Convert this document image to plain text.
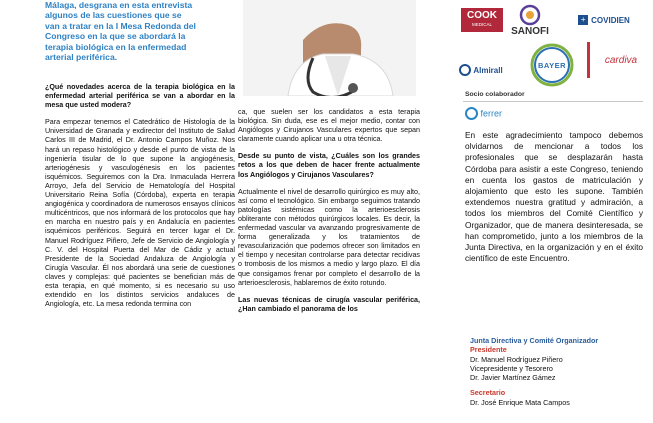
Málaga, desgrana en esta entrevista
algunos de las cuestiones que se
van a tratar en la I Mesa Redonda del
Congreso en la que se abordará la
terapia biológica en la enfermedad
arterial periférica.

¿Qué novedades acerca de la terapia biológica en la enfermedad arterial periférica se van a abordar en la mesa que usted modera?

Para empezar tenemos el Catedrático de Histología de la Universidad de Granada y exdirector del Instituto de Salud Carlos III de Madrid, el Dr. Antonio Campos Muñoz. Nos hará un repaso histológico y desde el punto de vista de la ingeniería tisular de lo que supone la angiogénesis, arteriogénesis y vasculogénesis en los pacientes isquémicos. Seguiremos con la Dra. Inmaculada Herrera Arroyo, Jefa del Servicio de Hematología del Hospital Universitario Reina Sofía (Córdoba), experta en terapia angiogénica y coordinadora de numerosos ensayos clínicos multicéntricos, que nos informará de los protocolos que hay en marcha en nuestro país y en Andalucía en pacientes isquémicos periféricos. Seguirá en tercer lugar el Dr. Manuel Rodríguez Piñero, Jefe de Servicio de Angiología y C. V. del Hospital Puerta del Mar de Cádiz y actual Presidente de la Sociedad Andaluza de Angiología y Cirugía Vascular. Él nos abordará una serie de cuestiones claves y complejas: qué pacientes se benefician más de esta terapia, en qué momento, si es necesario su uso extendido en los distintos servicios andaluces de Angiología, etc. La mesa redonda termina con

ca, que suelen ser los candidatos a esta terapia biológica. Sin duda, ese es el mejor medio, contar con Angiólogos y Cirujanos Vasculares expertos que sepan claramente cuando aplicar una u otra técnica.

Desde su punto de vista, ¿Cuáles son los grandes retos a los que deben de hacer frente actualmente los Angiólogos y Cirujanos Vasculares?

Actualmente el nivel de desarrollo quirúrgico es muy alto, así como el tecnológico. Sin embargo seguimos tratando patologías sistémicas como la arterioesclerosis obliterante con métodos quirúrgicos locales. Es decir, la enfermedad vascular va avanzando progresivamente de forma generalizada y los tratamientos de revascularización que podemos ofrecer son limitados en el tiempo y necesitan controlarse para detectar recidivas o trombosis de los mismos a medio y largo plazo. El día que consigamos frenar por completo el desarrollo de la arterioesclerosis, hablaremos de éxito rotundo.

Las nuevas técnicas de cirugía vascular periférica, ¿Han cambiado el panorama de los

COOK
MEDICAL
SANOFI
+ COVIDIEN
Almirall
BAYER	cardiva
Socio colaborador
ferrer
En este agradecimiento tampoco debemos olvidarnos de mencionar a todos los profesionales que se desplazarán hasta Córdoba para asistir a este Congreso, teniendo en cuenta los gastos de matriculación y alojamiento que esto les supone. También extendemos nuestra gratitud y admiración, a todos los miembros del Comité Científico y Organizador, que de manera desinteresada, se han comprometido, junto a los miembros de la Junta Directiva, en la organización y en el éxito científico de este Encuentro.
Junta Directiva y Comité Organizador
Presidente
Dr. Manuel Rodríguez Piñero
Vicepresidente y Tesorero
Dr. Javier Martínez Gámez
Secretario
Dr. José Enrique Mata Campos
